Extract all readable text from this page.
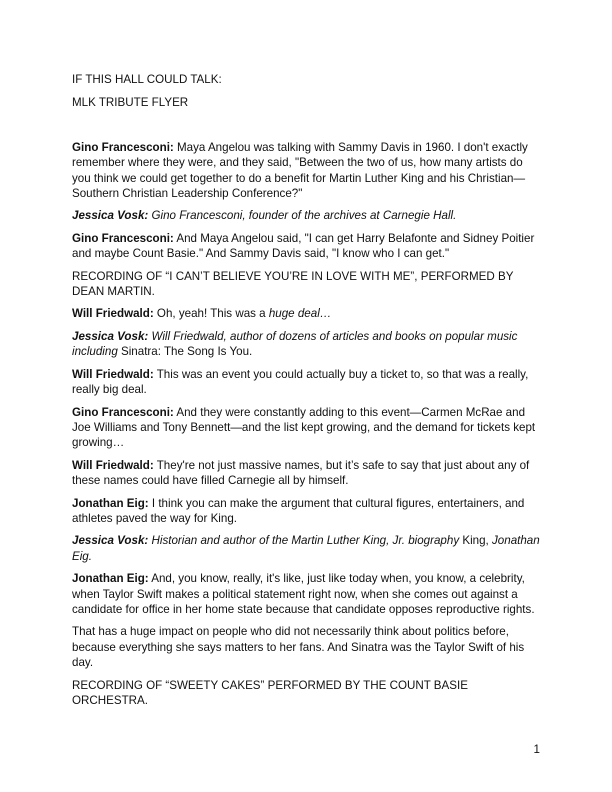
IF THIS HALL COULD TALK:
MLK TRIBUTE FLYER

Gino Francesconi: Maya Angelou was talking with Sammy Davis in 1960. I don't exactly remember where they were, and they said, "Between the two of us, how many artists do you think we could get together to do a benefit for Martin Luther King and his Christian—Southern Christian Leadership Conference?"

Jessica Vosk: Gino Francesconi, founder of the archives at Carnegie Hall.

Gino Francesconi: And Maya Angelou said, "I can get Harry Belafonte and Sidney Poitier and maybe Count Basie." And Sammy Davis said, "I know who I can get."

RECORDING OF “I CAN’T BELIEVE YOU’RE IN LOVE WITH ME”, PERFORMED BY DEAN MARTIN.

Will Friedwald: Oh, yeah! This was a huge deal…

Jessica Vosk: Will Friedwald, author of dozens of articles and books on popular music including Sinatra: The Song Is You.

Will Friedwald: This was an event you could actually buy a ticket to, so that was a really, really big deal.

Gino Francesconi: And they were constantly adding to this event—Carmen McRae and Joe Williams and Tony Bennett—and the list kept growing, and the demand for tickets kept growing…

Will Friedwald: They're not just massive names, but it’s safe to say that just about any of these names could have filled Carnegie all by himself.

Jonathan Eig: I think you can make the argument that cultural figures, entertainers, and athletes paved the way for King.

Jessica Vosk: Historian and author of the Martin Luther King, Jr. biography King, Jonathan Eig.

Jonathan Eig: And, you know, really, it's like, just like today when, you know, a celebrity, when Taylor Swift makes a political statement right now, when she comes out against a candidate for office in her home state because that candidate opposes reproductive rights.

That has a huge impact on people who did not necessarily think about politics before, because everything she says matters to her fans. And Sinatra was the Taylor Swift of his day.

RECORDING OF “SWEETY CAKES” PERFORMED BY THE COUNT BASIE ORCHESTRA.

1
